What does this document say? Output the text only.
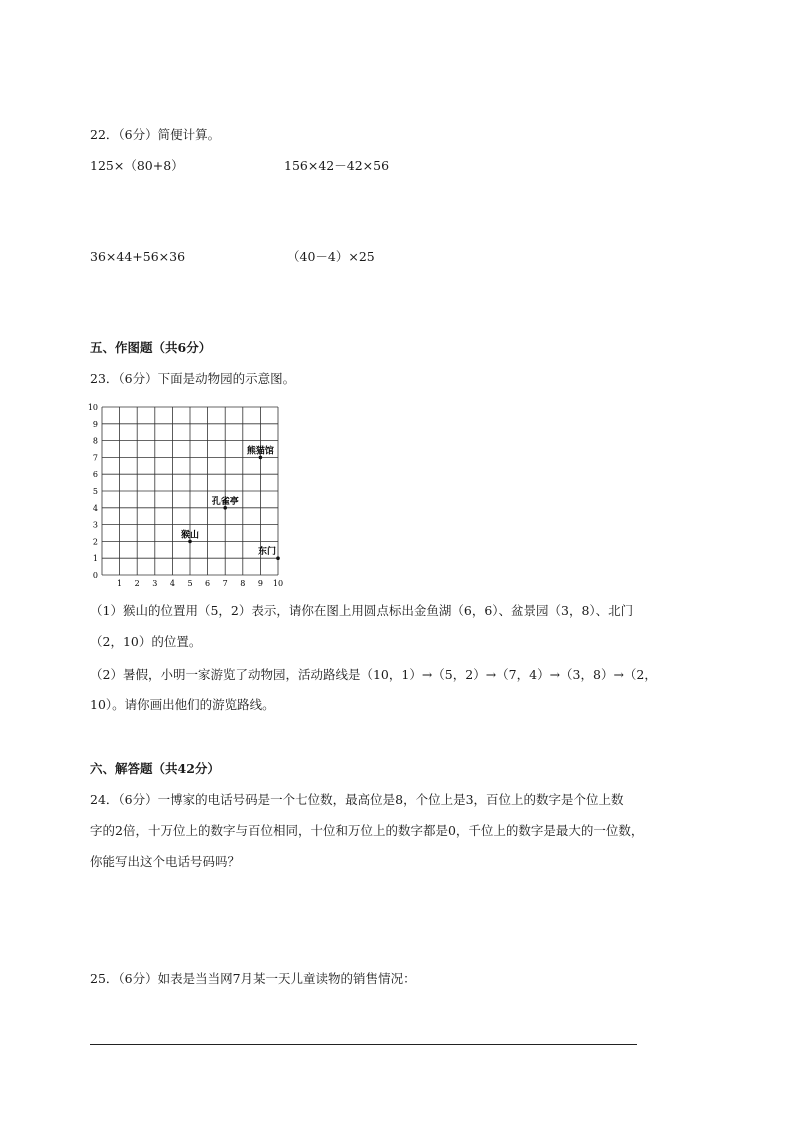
22．（6分）简便计算。
125×（80+8）	156×42－42×56
36×44+56×36	（40－4）×25
五、作图题（共6分）
23．（6分）下面是动物园的示意图。
1 2 3 4 5 6 7 8 9 10
0
1
2
3
4
5
6
7
8
9
10
熊猫馆
孔雀亭
猴山
东门
（1）猴山的位置用（5，2）表示，请你在图上用圆点标出金鱼湖（6，6）、盆景园（3，8）、北门
（2，10）的位置。
（2）暑假，小明一家游览了动物园，活动路线是（10，1）→（5，2）→（7，4）→（3，8）→（2，
10）。请你画出他们的游览路线。
六、解答题（共42分）
24．（6分）一博家的电话号码是一个七位数，最高位是8，个位上是3，百位上的数字是个位上数
字的2倍，十万位上的数字与百位相同，十位和万位上的数字都是0，千位上的数字是最大的一位数，
你能写出这个电话号码吗？
25．（6分）如表是当当网7月某一天儿童读物的销售情况：
